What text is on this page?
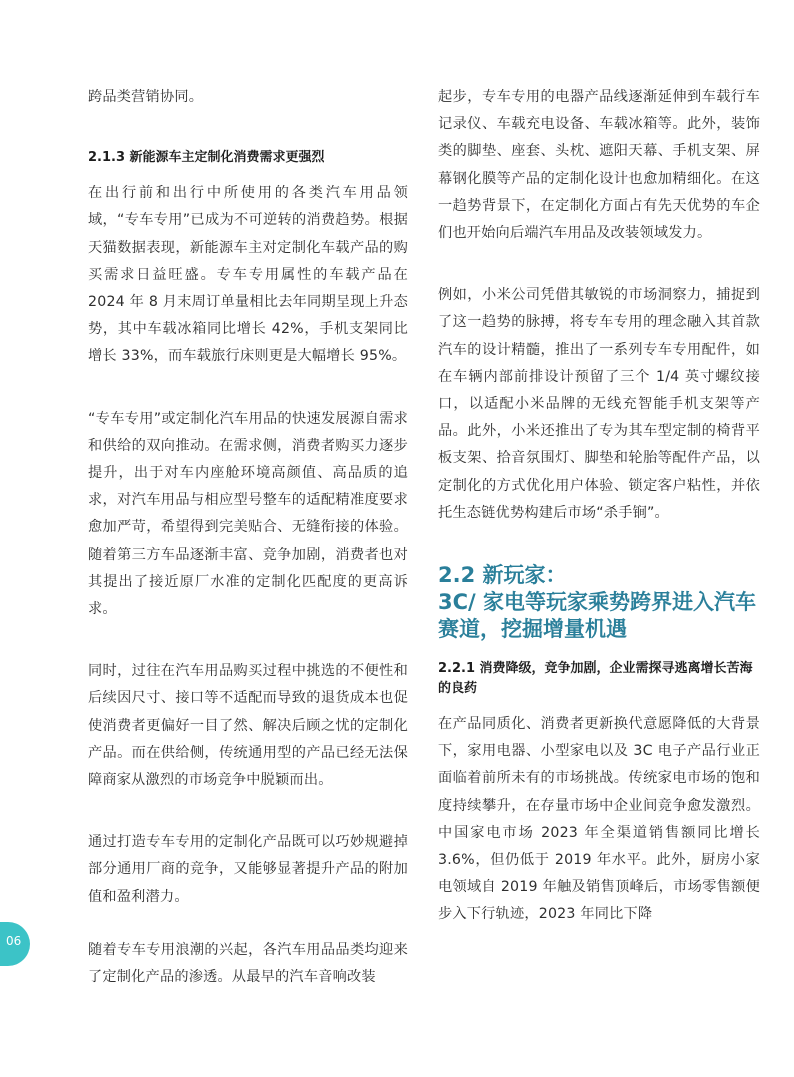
跨品类营销协同。

2.1.3 新能源车主定制化消费需求更强烈

在出行前和出行中所使用的各类汽车用品领域，“专车专用”已成为不可逆转的消费趋势。根据天猫数据表现，新能源车主对定制化车载产品的购买需求日益旺盛。专车专用属性的车载产品在 2024 年 8 月末周订单量相比去年同期呈现上升态势，其中车载冰箱同比增长 42%，手机支架同比增长 33%，而车载旅行床则更是大幅增长 95%。

“专车专用”或定制化汽车用品的快速发展源自需求和供给的双向推动。在需求侧，消费者购买力逐步提升，出于对车内座舱环境高颜值、高品质的追求，对汽车用品与相应型号整车的适配精准度要求愈加严苛，希望得到完美贴合、无缝衔接的体验。随着第三方车品逐渐丰富、竞争加剧，消费者也对其提出了接近原厂水准的定制化匹配度的更高诉求。

同时，过往在汽车用品购买过程中挑选的不便性和后续因尺寸、接口等不适配而导致的退货成本也促使消费者更偏好一目了然、解决后顾之忧的定制化产品。而在供给侧，传统通用型的产品已经无法保障商家从激烈的市场竞争中脱颖而出。

通过打造专车专用的定制化产品既可以巧妙规避掉部分通用厂商的竞争，又能够显著提升产品的附加值和盈利潜力。

随着专车专用浪潮的兴起，各汽车用品品类均迎来了定制化产品的渗透。从最早的汽车音响改装

起步，专车专用的电器产品线逐渐延伸到车载行车记录仪、车载充电设备、车载冰箱等。此外，装饰类的脚垫、座套、头枕、遮阳天幕、手机支架、屏幕钢化膜等产品的定制化设计也愈加精细化。在这一趋势背景下，在定制化方面占有先天优势的车企们也开始向后端汽车用品及改装领域发力。

例如，小米公司凭借其敏锐的市场洞察力，捕捉到了这一趋势的脉搏，将专车专用的理念融入其首款汽车的设计精髓，推出了一系列专车专用配件，如在车辆内部前排设计预留了三个 1/4 英寸螺纹接口，以适配小米品牌的无线充智能手机支架等产品。此外，小米还推出了专为其车型定制的椅背平板支架、拾音氛围灯、脚垫和轮胎等配件产品，以定制化的方式优化用户体验、锁定客户粘性，并依托生态链优势构建后市场“杀手锏”。

2.2 新玩家：
3C/ 家电等玩家乘势跨界进入汽车赛道，挖掘增量机遇
2.2.1 消费降级，竞争加剧，企业需探寻逃离增长苦海的良药

在产品同质化、消费者更新换代意愿降低的大背景下，家用电器、小型家电以及 3C 电子产品行业正面临着前所未有的市场挑战。传统家电市场的饱和度持续攀升，在存量市场中企业间竞争愈发激烈。中国家电市场 2023 年全渠道销售额同比增长 3.6%，但仍低于 2019 年水平。此外，厨房小家电领域自 2019 年触及销售顶峰后，市场零售额便步入下行轨迹，2023 年同比下降

06
